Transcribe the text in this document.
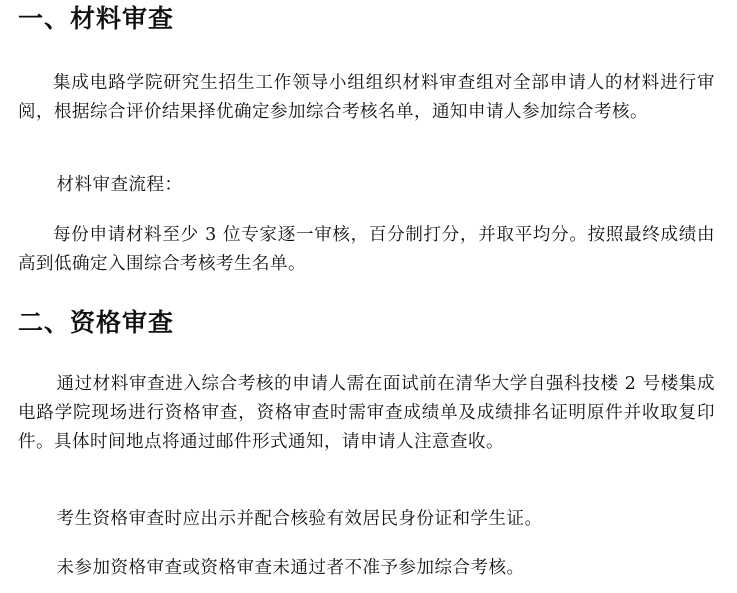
一、材料审查

集成电路学院研究生招生工作领导小组组织材料审查组对全部申请人的材料进行审阅，根据综合评价结果择优确定参加综合考核名单，通知申请人参加综合考核。

材料审查流程：

每份申请材料至少 3 位专家逐一审核，百分制打分，并取平均分。按照最终成绩由高到低确定入围综合考核考生名单。

二、资格审查

通过材料审查进入综合考核的申请人需在面试前在清华大学自强科技楼 2 号楼集成电路学院现场进行资格审查，资格审查时需审查成绩单及成绩排名证明原件并收取复印件。具体时间地点将通过邮件形式通知，请申请人注意查收。

考生资格审查时应出示并配合核验有效居民身份证和学生证。

未参加资格审查或资格审查未通过者不准予参加综合考核。
